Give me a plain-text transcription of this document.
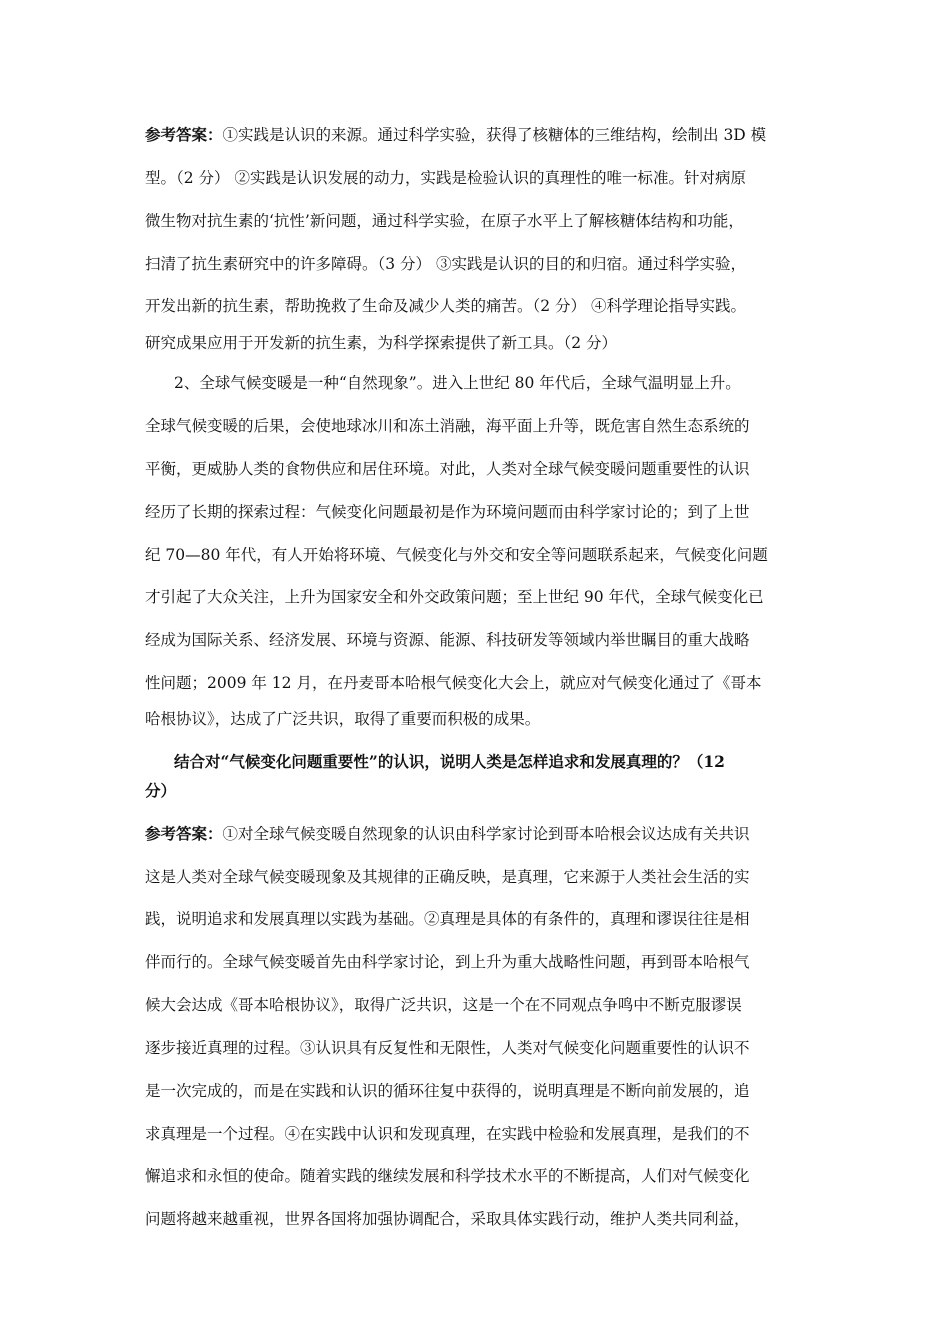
参考答案：①实践是认识的来源。通过科学实验，获得了核糖体的三维结构，绘制出 3D 模
型。（2 分） ②实践是认识发展的动力，实践是检验认识的真理性的唯一标准。针对病原
微生物对抗生素的‘抗性’新问题，通过科学实验，在原子水平上了解核糖体结构和功能，
扫清了抗生素研究中的许多障碍。（3 分） ③实践是认识的目的和归宿。通过科学实验，
开发出新的抗生素，帮助挽救了生命及减少人类的痛苦。（2 分） ④科学理论指导实践。
研究成果应用于开发新的抗生素，为科学探索提供了新工具。（2 分）
2、全球气候变暖是一种“自然现象”。进入上世纪 80 年代后，全球气温明显上升。
全球气候变暖的后果，会使地球冰川和冻土消融，海平面上升等，既危害自然生态系统的
平衡，更威胁人类的食物供应和居住环境。对此，人类对全球气候变暖问题重要性的认识
经历了长期的探索过程：气候变化问题最初是作为环境问题而由科学家讨论的；到了上世
纪 70—80 年代，有人开始将环境、气候变化与外交和安全等问题联系起来，气候变化问题
才引起了大众关注，上升为国家安全和外交政策问题；至上世纪 90 年代，全球气候变化已
经成为国际关系、经济发展、环境与资源、能源、科技研发等领域内举世瞩目的重大战略
性问题；2009 年 12 月，在丹麦哥本哈根气候变化大会上，就应对气候变化通过了《哥本
哈根协议》，达成了广泛共识，取得了重要而积极的成果。
结合对“气候变化问题重要性”的认识，说明人类是怎样追求和发展真理的？（12
分）
参考答案：①对全球气候变暖自然现象的认识由科学家讨论到哥本哈根会议达成有关共识
这是人类对全球气候变暖现象及其规律的正确反映，是真理，它来源于人类社会生活的实
践，说明追求和发展真理以实践为基础。②真理是具体的有条件的，真理和谬误往往是相
伴而行的。全球气候变暖首先由科学家讨论，到上升为重大战略性问题，再到哥本哈根气
候大会达成《哥本哈根协议》，取得广泛共识，这是一个在不同观点争鸣中不断克服谬误
逐步接近真理的过程。③认识具有反复性和无限性，人类对气候变化问题重要性的认识不
是一次完成的，而是在实践和认识的循环往复中获得的，说明真理是不断向前发展的，追
求真理是一个过程。④在实践中认识和发现真理，在实践中检验和发展真理，是我们的不
懈追求和永恒的使命。随着实践的继续发展和科学技术水平的不断提高，人们对气候变化
问题将越来越重视，世界各国将加强协调配合，采取具体实践行动，维护人类共同利益，
